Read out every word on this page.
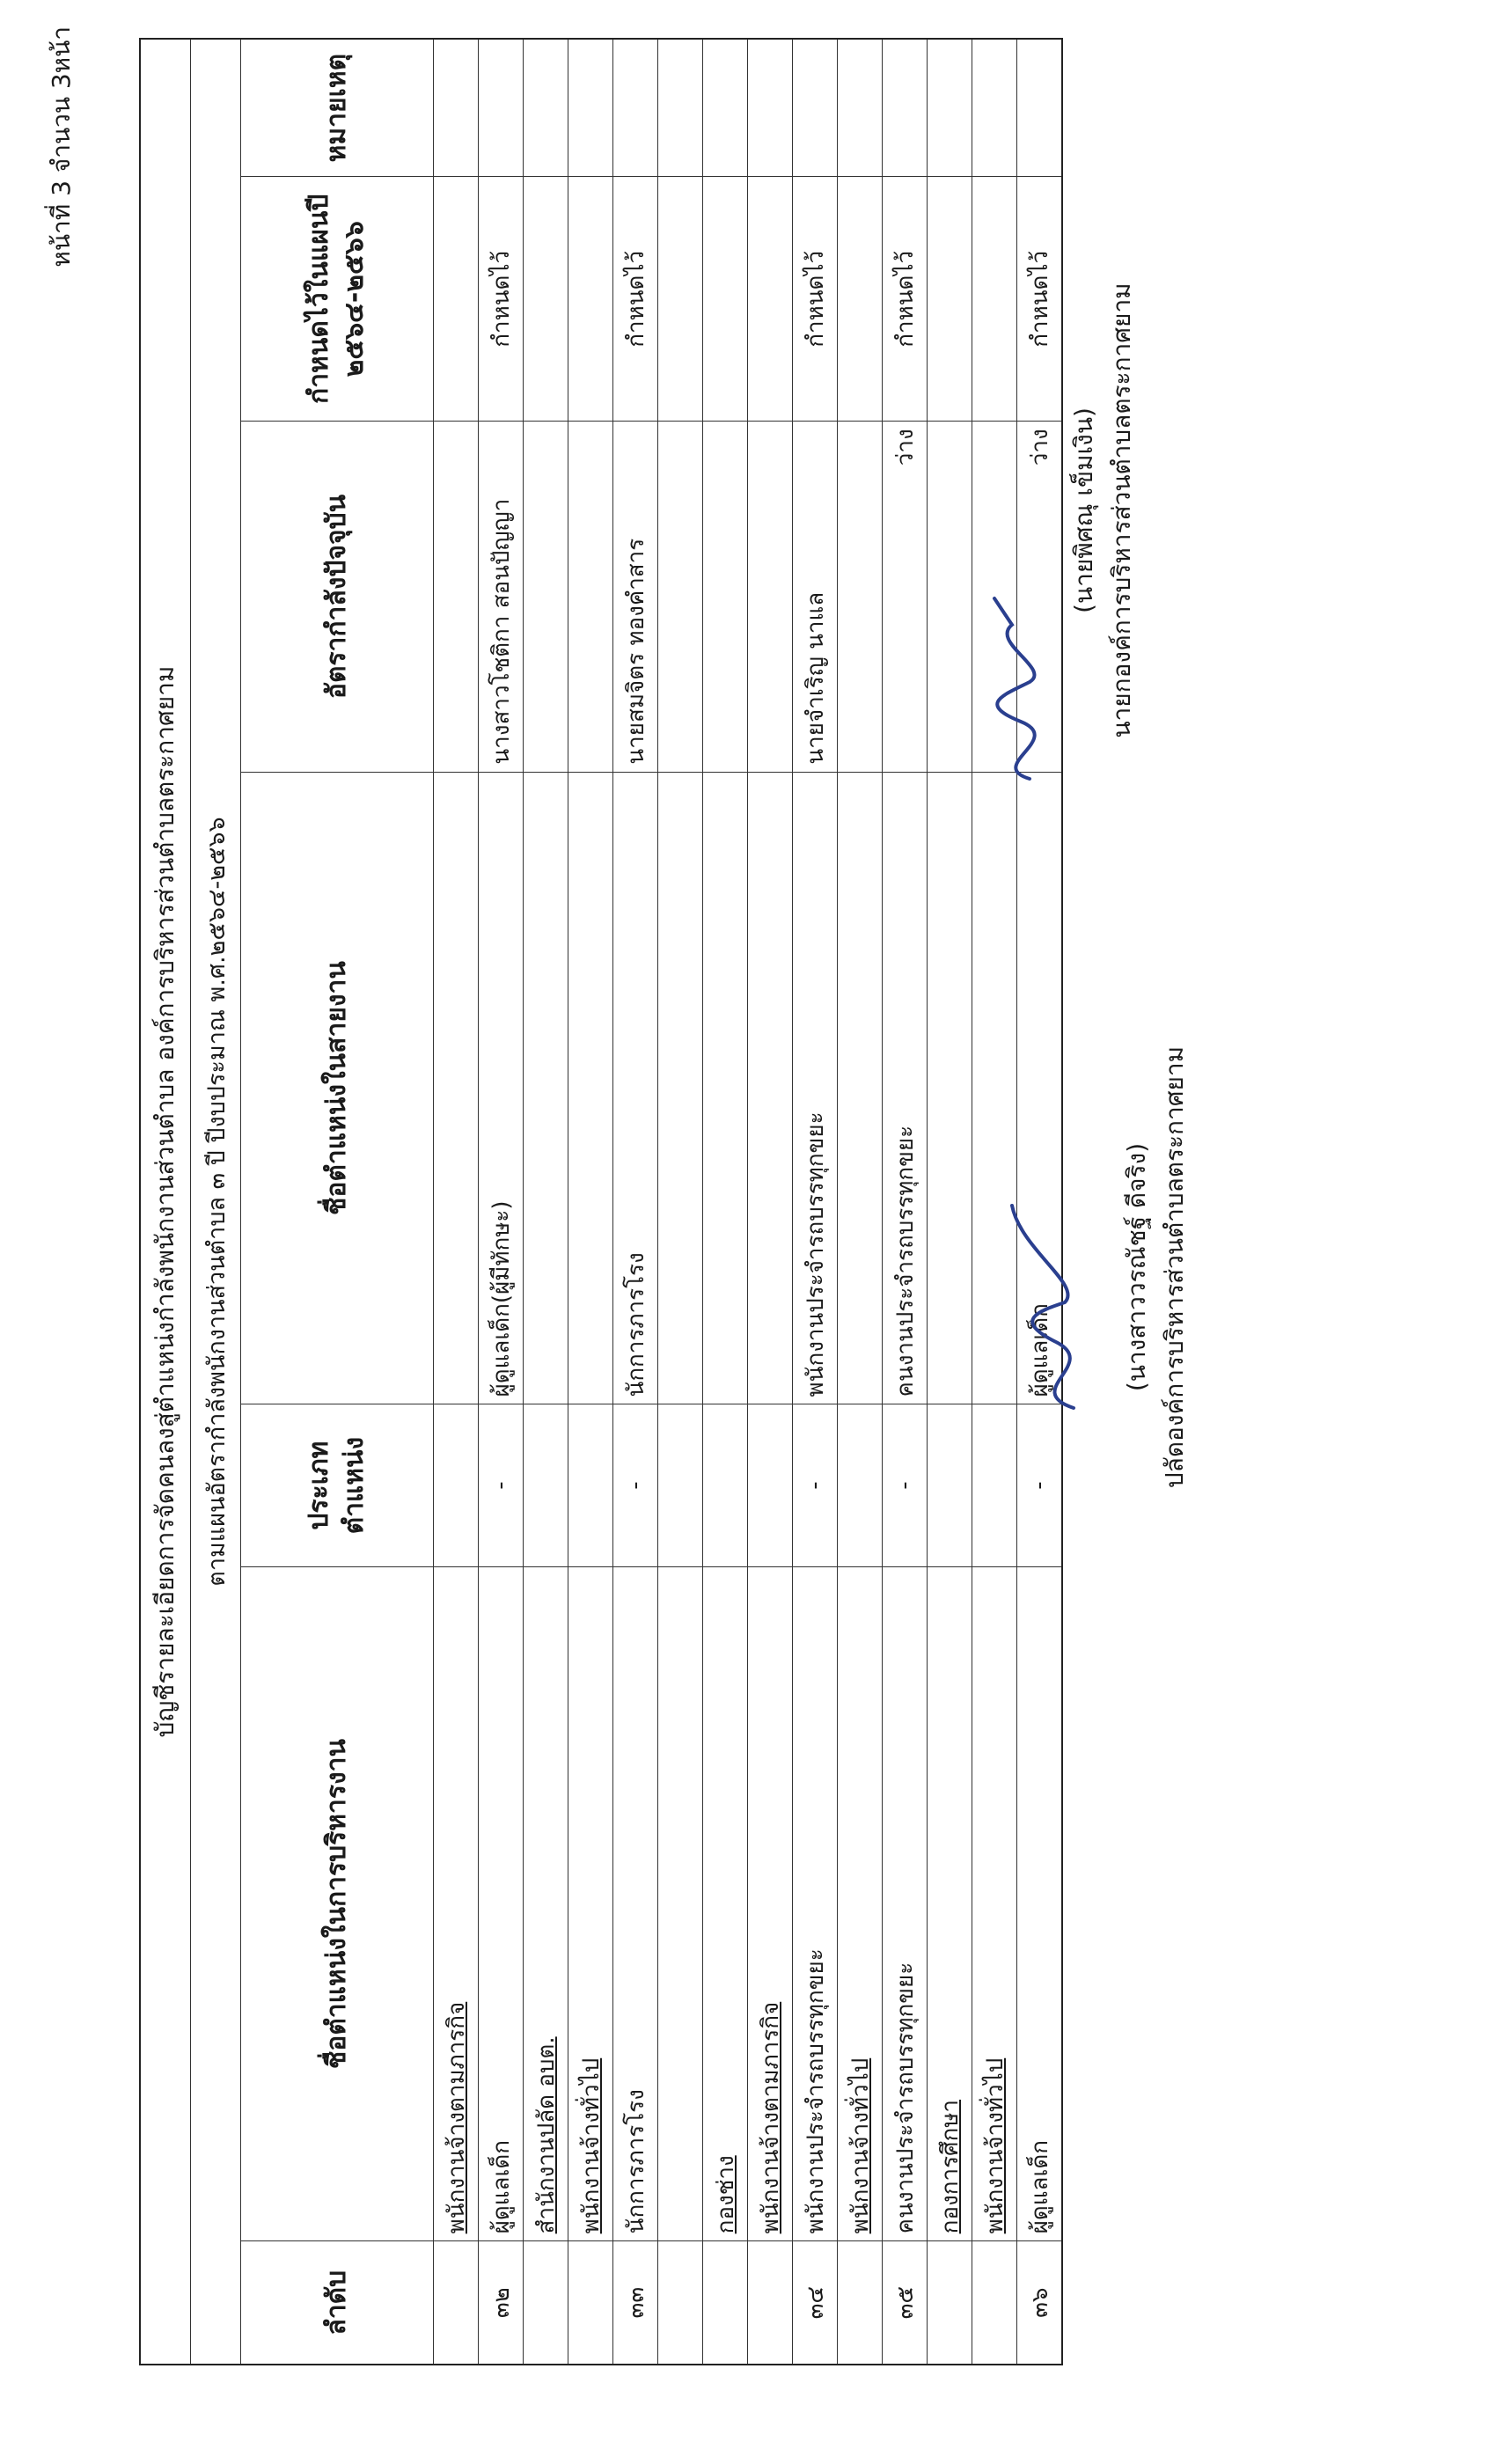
หน้าที่ 3 จำนวน 3หน้า
บัญชีรายละเอียดการจัดคนลงสู่ตำแหน่งกำลังพนักงานส่วนตำบล องค์การบริหารส่วนตำบลตระกาศยาม						
ตามแผนอัตรากำลังพนักงานส่วนตำบล ๓ ปี ปีงบประมาณ พ.ศ.๒๕๖๔-๒๕๖๖						
ลำดับ	ชื่อตำแหน่งในการบริหารงาน	ประเภทตำแหน่ง	ชื่อตำแหน่งในสายงาน	อัตรากำลังปัจจุบัน	กำหนดไว้ในแผนปี ๒๕๖๔-๒๕๖๖	หมายเหตุ
	พนักงานจ้างตามภารกิจ					
๓๒	ผู้ดูแลเด็ก	-	ผู้ดูแลเด็ก(ผู้มีทักษะ)	นางสาวโชติกา สอนปัญญา	กำหนดไว้	
	สำนักงานปลัด อบต.					
	พนักงานจ้างทั่วไป					
๓๓	นักการภารโรง	-	นักการภารโรง	นายสมจิตร ทองคำสาร	กำหนดไว้	

	กองช่าง					
	พนักงานจ้างตามภารกิจ					
๓๔	พนักงานประจำรถบรรทุกขยะ	-	พนักงานประจำรถบรรทุกขยะ	นายจำเริญ นาแล	กำหนดไว้	
	พนักงานจ้างทั่วไป					
๓๕	คนงานประจำรถบรรทุกขยะ	-	คนงานประจำรถบรรทุกขยะ	ว่าง	กำหนดไว้	
	กองการศึกษา					
	พนักงานจ้างทั่วไป					
๓๖	ผู้ดูแลเด็ก	-	ผู้ดูแลเด็ก	ว่าง	กำหนดไว้	
(นางสาววรณัชฐ์ ดีจริง) ปลัดองค์การบริหารส่วนตำบลตระกาศยาม
(นายพิศณุ เข็มเงิน) นายกองค์การบริหารส่วนตำบลตระกาศยาม
